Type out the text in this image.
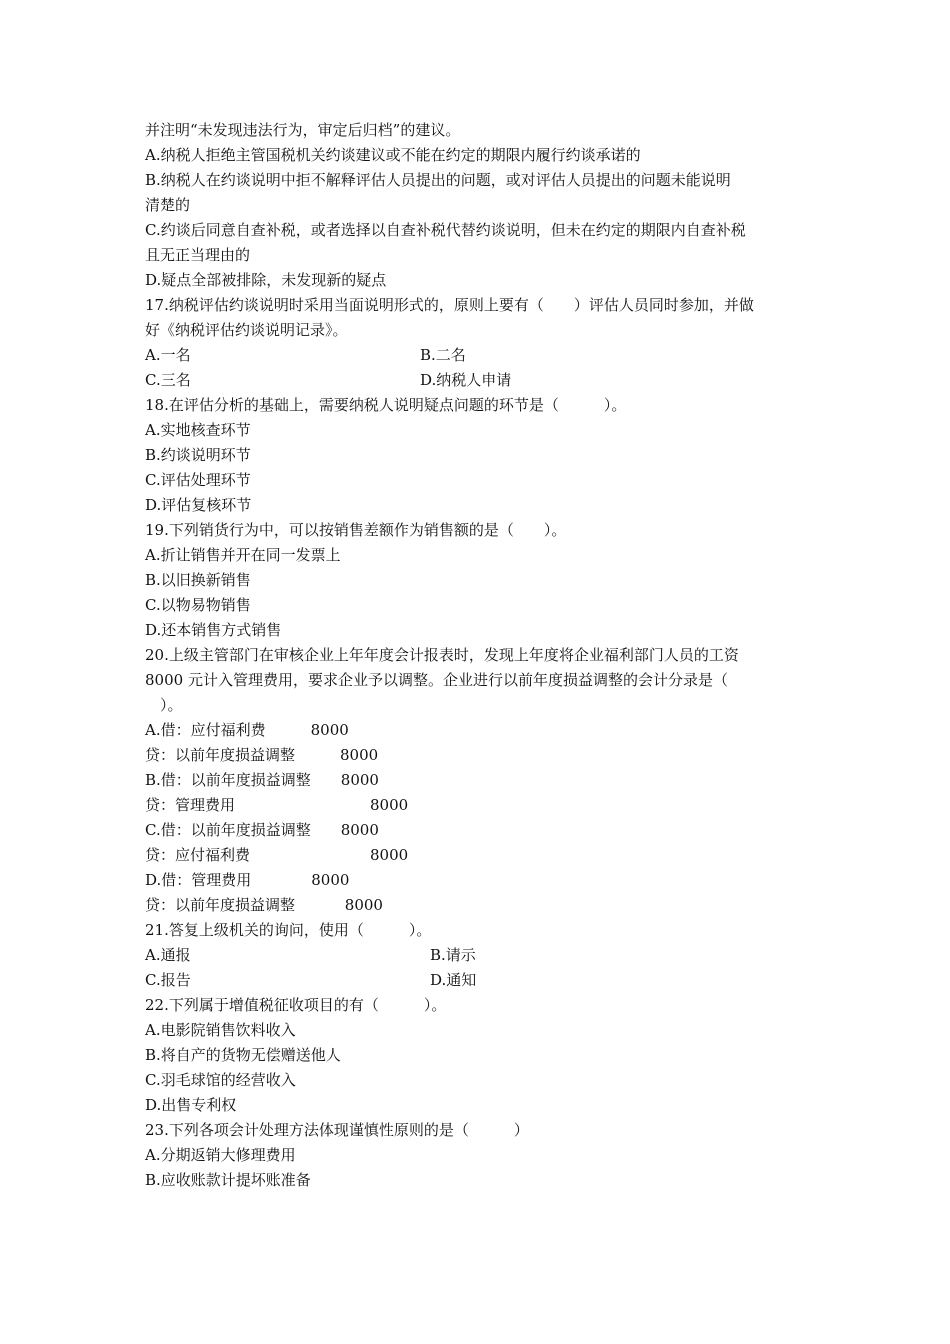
并注明“未发现违法行为，审定后归档”的建议。
A.纳税人拒绝主管国税机关约谈建议或不能在约定的期限内履行约谈承诺的
B.纳税人在约谈说明中拒不解释评估人员提出的问题，或对评估人员提出的问题未能说明
清楚的
C.约谈后同意自查补税，或者选择以自查补税代替约谈说明，但未在约定的期限内自查补税
且无正当理由的
D.疑点全部被排除，未发现新的疑点
17.纳税评估约谈说明时采用当面说明形式的，原则上要有（　　）评估人员同时参加，并做
好《纳税评估约谈说明记录》。
A.一名	B.二名
C.三名	D.纳税人申请
18.在评估分析的基础上，需要纳税人说明疑点问题的环节是（　　　）。
A.实地核查环节
B.约谈说明环节
C.评估处理环节
D.评估复核环节
19.下列销货行为中，可以按销售差额作为销售额的是（　　）。
A.折让销售并开在同一发票上
B.以旧换新销售
C.以物易物销售
D.还本销售方式销售
20.上级主管部门在审核企业上年年度会计报表时，发现上年度将企业福利部门人员的工资
8000 元计入管理费用，要求企业予以调整。企业进行以前年度损益调整的会计分录是（
　）。
A.借：应付福利费　　　8000
贷：以前年度损益调整　　　8000
B.借：以前年度损益调整　　8000
贷：管理费用　　　　　　　　　8000
C.借：以前年度损益调整　　8000
贷：应付福利费　　　　　　　　8000
D.借：管理费用　　　　8000
贷：以前年度损益调整　　　 8000
21.答复上级机关的询问，使用（　　　）。
A.通报	B.请示
C.报告	D.通知
22.下列属于增值税征收项目的有（　　　）。
A.电影院销售饮料收入
B.将自产的货物无偿赠送他人
C.羽毛球馆的经营收入
D.出售专利权
23.下列各项会计处理方法体现谨慎性原则的是（　　　）
A.分期返销大修理费用
B.应收账款计提坏账准备
